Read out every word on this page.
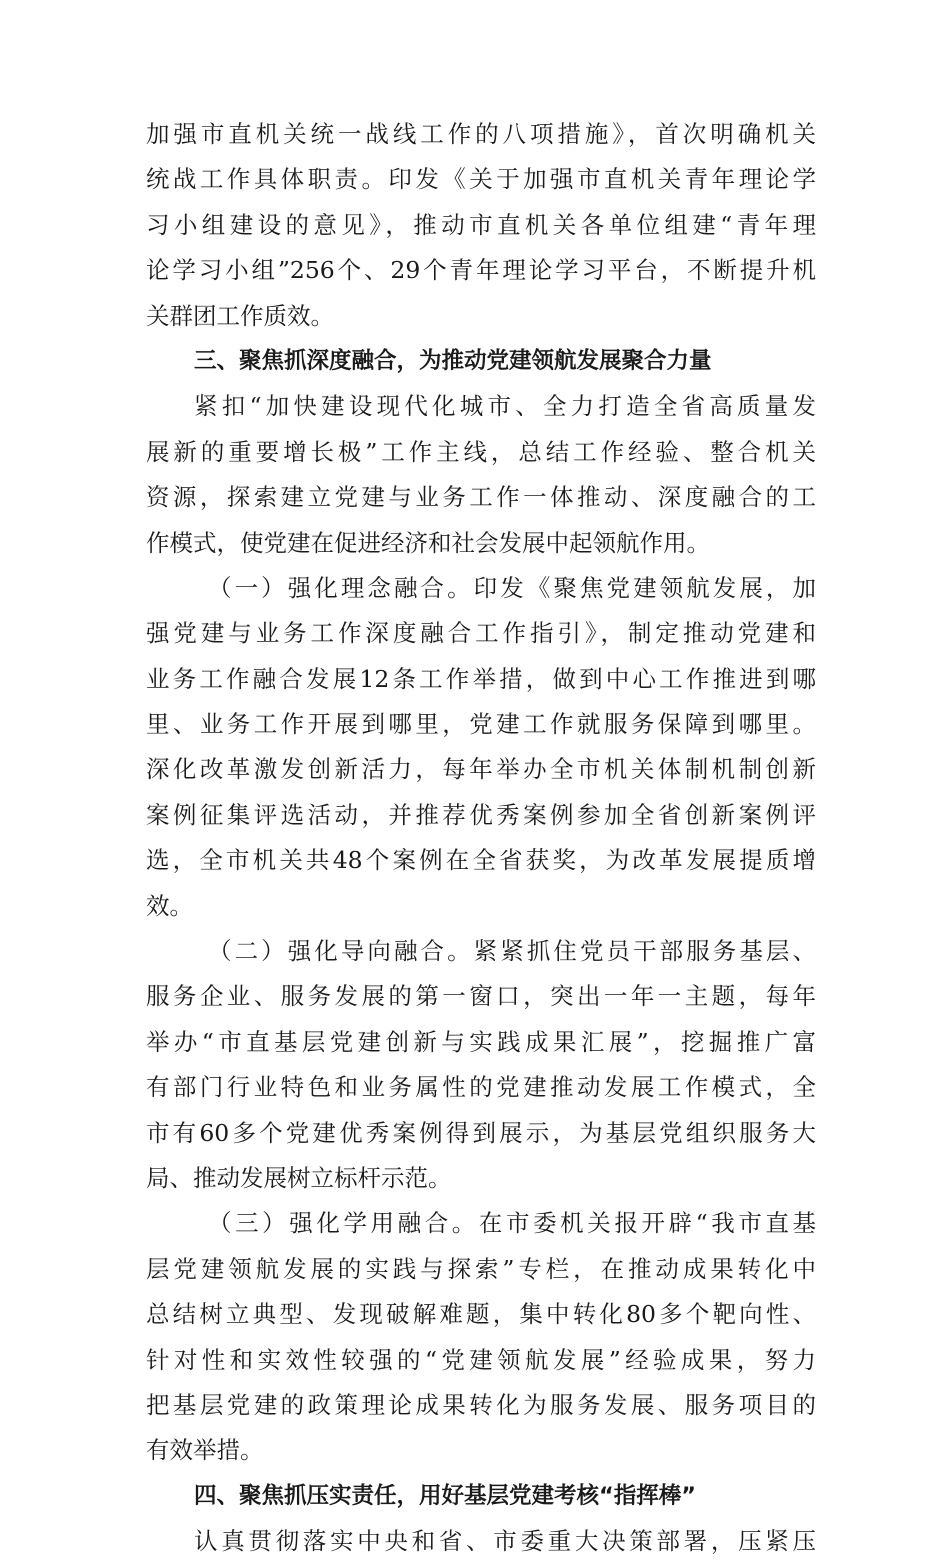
加强市直机关统一战线工作的八项措施》，首次明确机关
统战工作具体职责。印发《关于加强市直机关青年理论学
习小组建设的意见》，推动市直机关各单位组建“青年理
论学习小组”256个、29个青年理论学习平台，不断提升机
关群团工作质效。
三、聚焦抓深度融合，为推动党建领航发展聚合力量
紧扣“加快建设现代化城市、全力打造全省高质量发
展新的重要增长极”工作主线，总结工作经验、整合机关
资源，探索建立党建与业务工作一体推动、深度融合的工
作模式，使党建在促进经济和社会发展中起领航作用。
（一）强化理念融合。印发《聚焦党建领航发展，加
强党建与业务工作深度融合工作指引》，制定推动党建和
业务工作融合发展12条工作举措，做到中心工作推进到哪
里、业务工作开展到哪里，党建工作就服务保障到哪里。
深化改革激发创新活力，每年举办全市机关体制机制创新
案例征集评选活动，并推荐优秀案例参加全省创新案例评
选，全市机关共48个案例在全省获奖，为改革发展提质增
效。
（二）强化导向融合。紧紧抓住党员干部服务基层、
服务企业、服务发展的第一窗口，突出一年一主题，每年
举办“市直基层党建创新与实践成果汇展”，挖掘推广富
有部门行业特色和业务属性的党建推动发展工作模式，全
市有60多个党建优秀案例得到展示，为基层党组织服务大
局、推动发展树立标杆示范。
（三）强化学用融合。在市委机关报开辟“我市直基
层党建领航发展的实践与探索”专栏，在推动成果转化中
总结树立典型、发现破解难题，集中转化80多个靶向性、
针对性和实效性较强的“党建领航发展”经验成果，努力
把基层党建的政策理论成果转化为服务发展、服务项目的
有效举措。
四、聚焦抓压实责任，用好基层党建考核“指挥棒”
认真贯彻落实中央和省、市委重大决策部署，压紧压
